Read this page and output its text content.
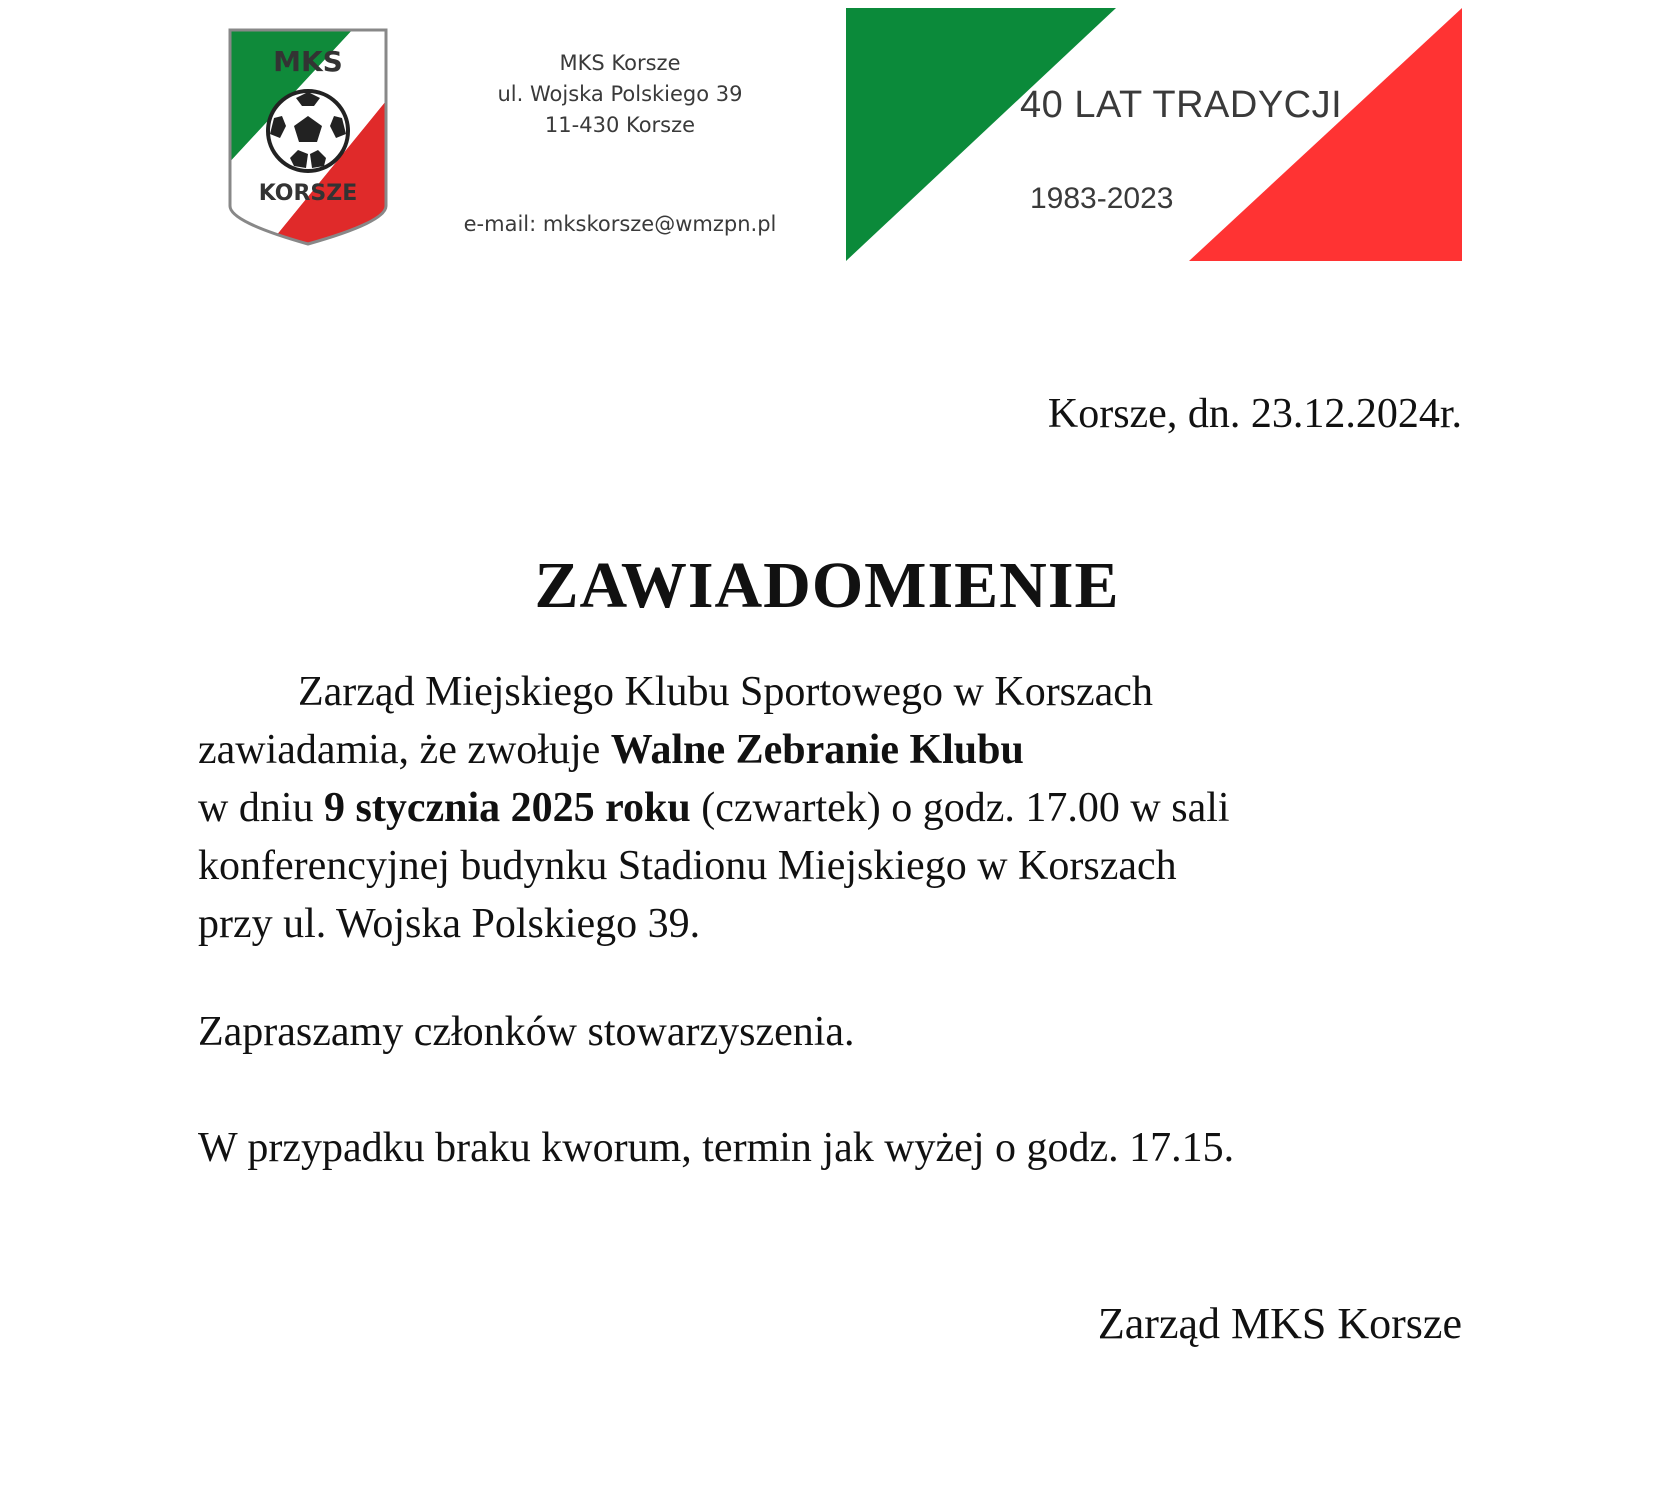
MKS
KORSZE
MKS Korsze
ul. Wojska Polskiego 39
11-430 Korsze
e-mail: mkskorsze@wmzpn.pl
40 LAT TRADYCJI
1983-2023
Korsze, dn. 23.12.2024r.
ZAWIADOMIENIE
Zarząd Miejskiego Klubu Sportowego w Korszach
zawiadamia, że zwołuje Walne Zebranie Klubu
w dniu 9 stycznia 2025 roku (czwartek) o godz. 17.00 w sali
konferencyjnej budynku Stadionu Miejskiego w Korszach
przy ul. Wojska Polskiego 39.
Zapraszamy członków stowarzyszenia.
W przypadku braku kworum, termin jak wyżej o godz. 17.15.
Zarząd MKS Korsze
